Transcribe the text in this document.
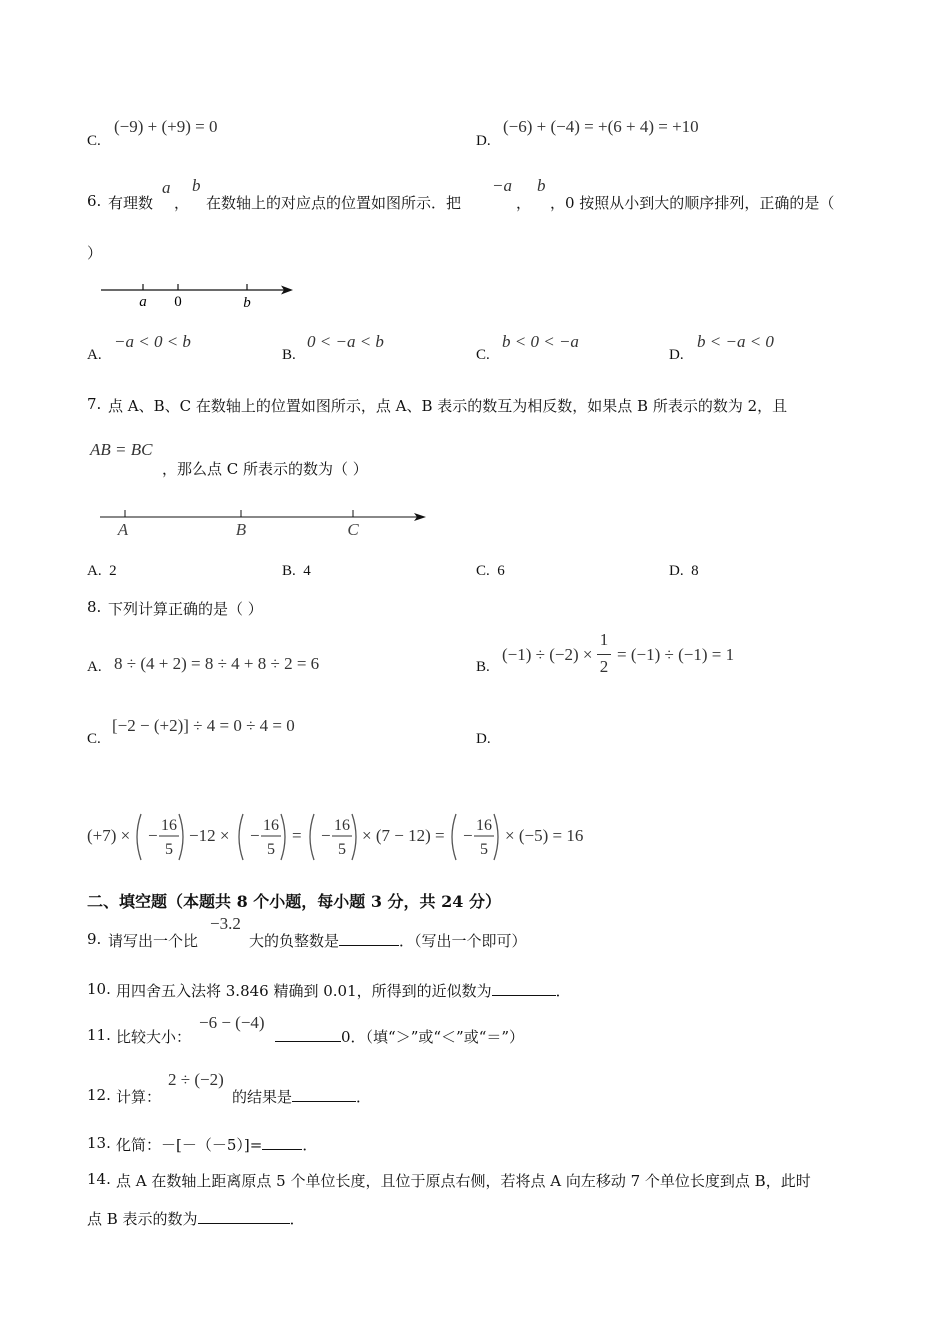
C.
(−9) + (+9) = 0
D.
(−6) + (−4) = +(6 + 4) = +10
6. 有理数
a
，
b
在数轴上的对应点的位置如图所示．把
−a
，
b
，0 按照从小到大的顺序排列，正确的是（
）
a 0	b
A.
−a < 0 < b
B.
0 < −a < b
C.
b < 0 < −a
D.
b < −a < 0
7. 点 A、B、C 在数轴上的位置如图所示，点 A、B 表示的数互为相反数，如果点 B 所表示的数为 2，且
AB = BC
，那么点 C 所表示的数为（ ）
A	B	C
A. 2	B. 4	C. 6	D. 8
8. 下列计算正确的是（ ）
A. 8 ÷ (4 + 2) = 8 ÷ 4 + 8 ÷ 2 = 6	B.
(−1) ÷ (−2) ×
1
2
= (−1) ÷ (−1) = 1
C.
[−2 − (+2)] ÷ 4 = 0 ÷ 4 = 0
D.
(+7) × −
16
5
−12 × −
16
5
= −
16
5
× (7 − 12) = −
16
5
× (−5) = 16
二、填空题（本题共 8 个小题，每小题 3 分，共 24 分）
9. 请写出一个比
−3.2
大的负整数是	．（写出一个即可）
10. 用四舍五入法将 3.846 精确到 0.01，所得到的近似数为	．
11. 比较大小：
−6 − (−4)
0．（填“＞”或“＜”或“＝”）
12. 计算：
2 ÷ (−2)
的结果是	．
13. 化简：－[－（－5）]=	．
14. 点 A 在数轴上距离原点 5 个单位长度，且位于原点右侧，若将点 A 向左移动 7 个单位长度到点 B，此时
点 B 表示的数为	．
